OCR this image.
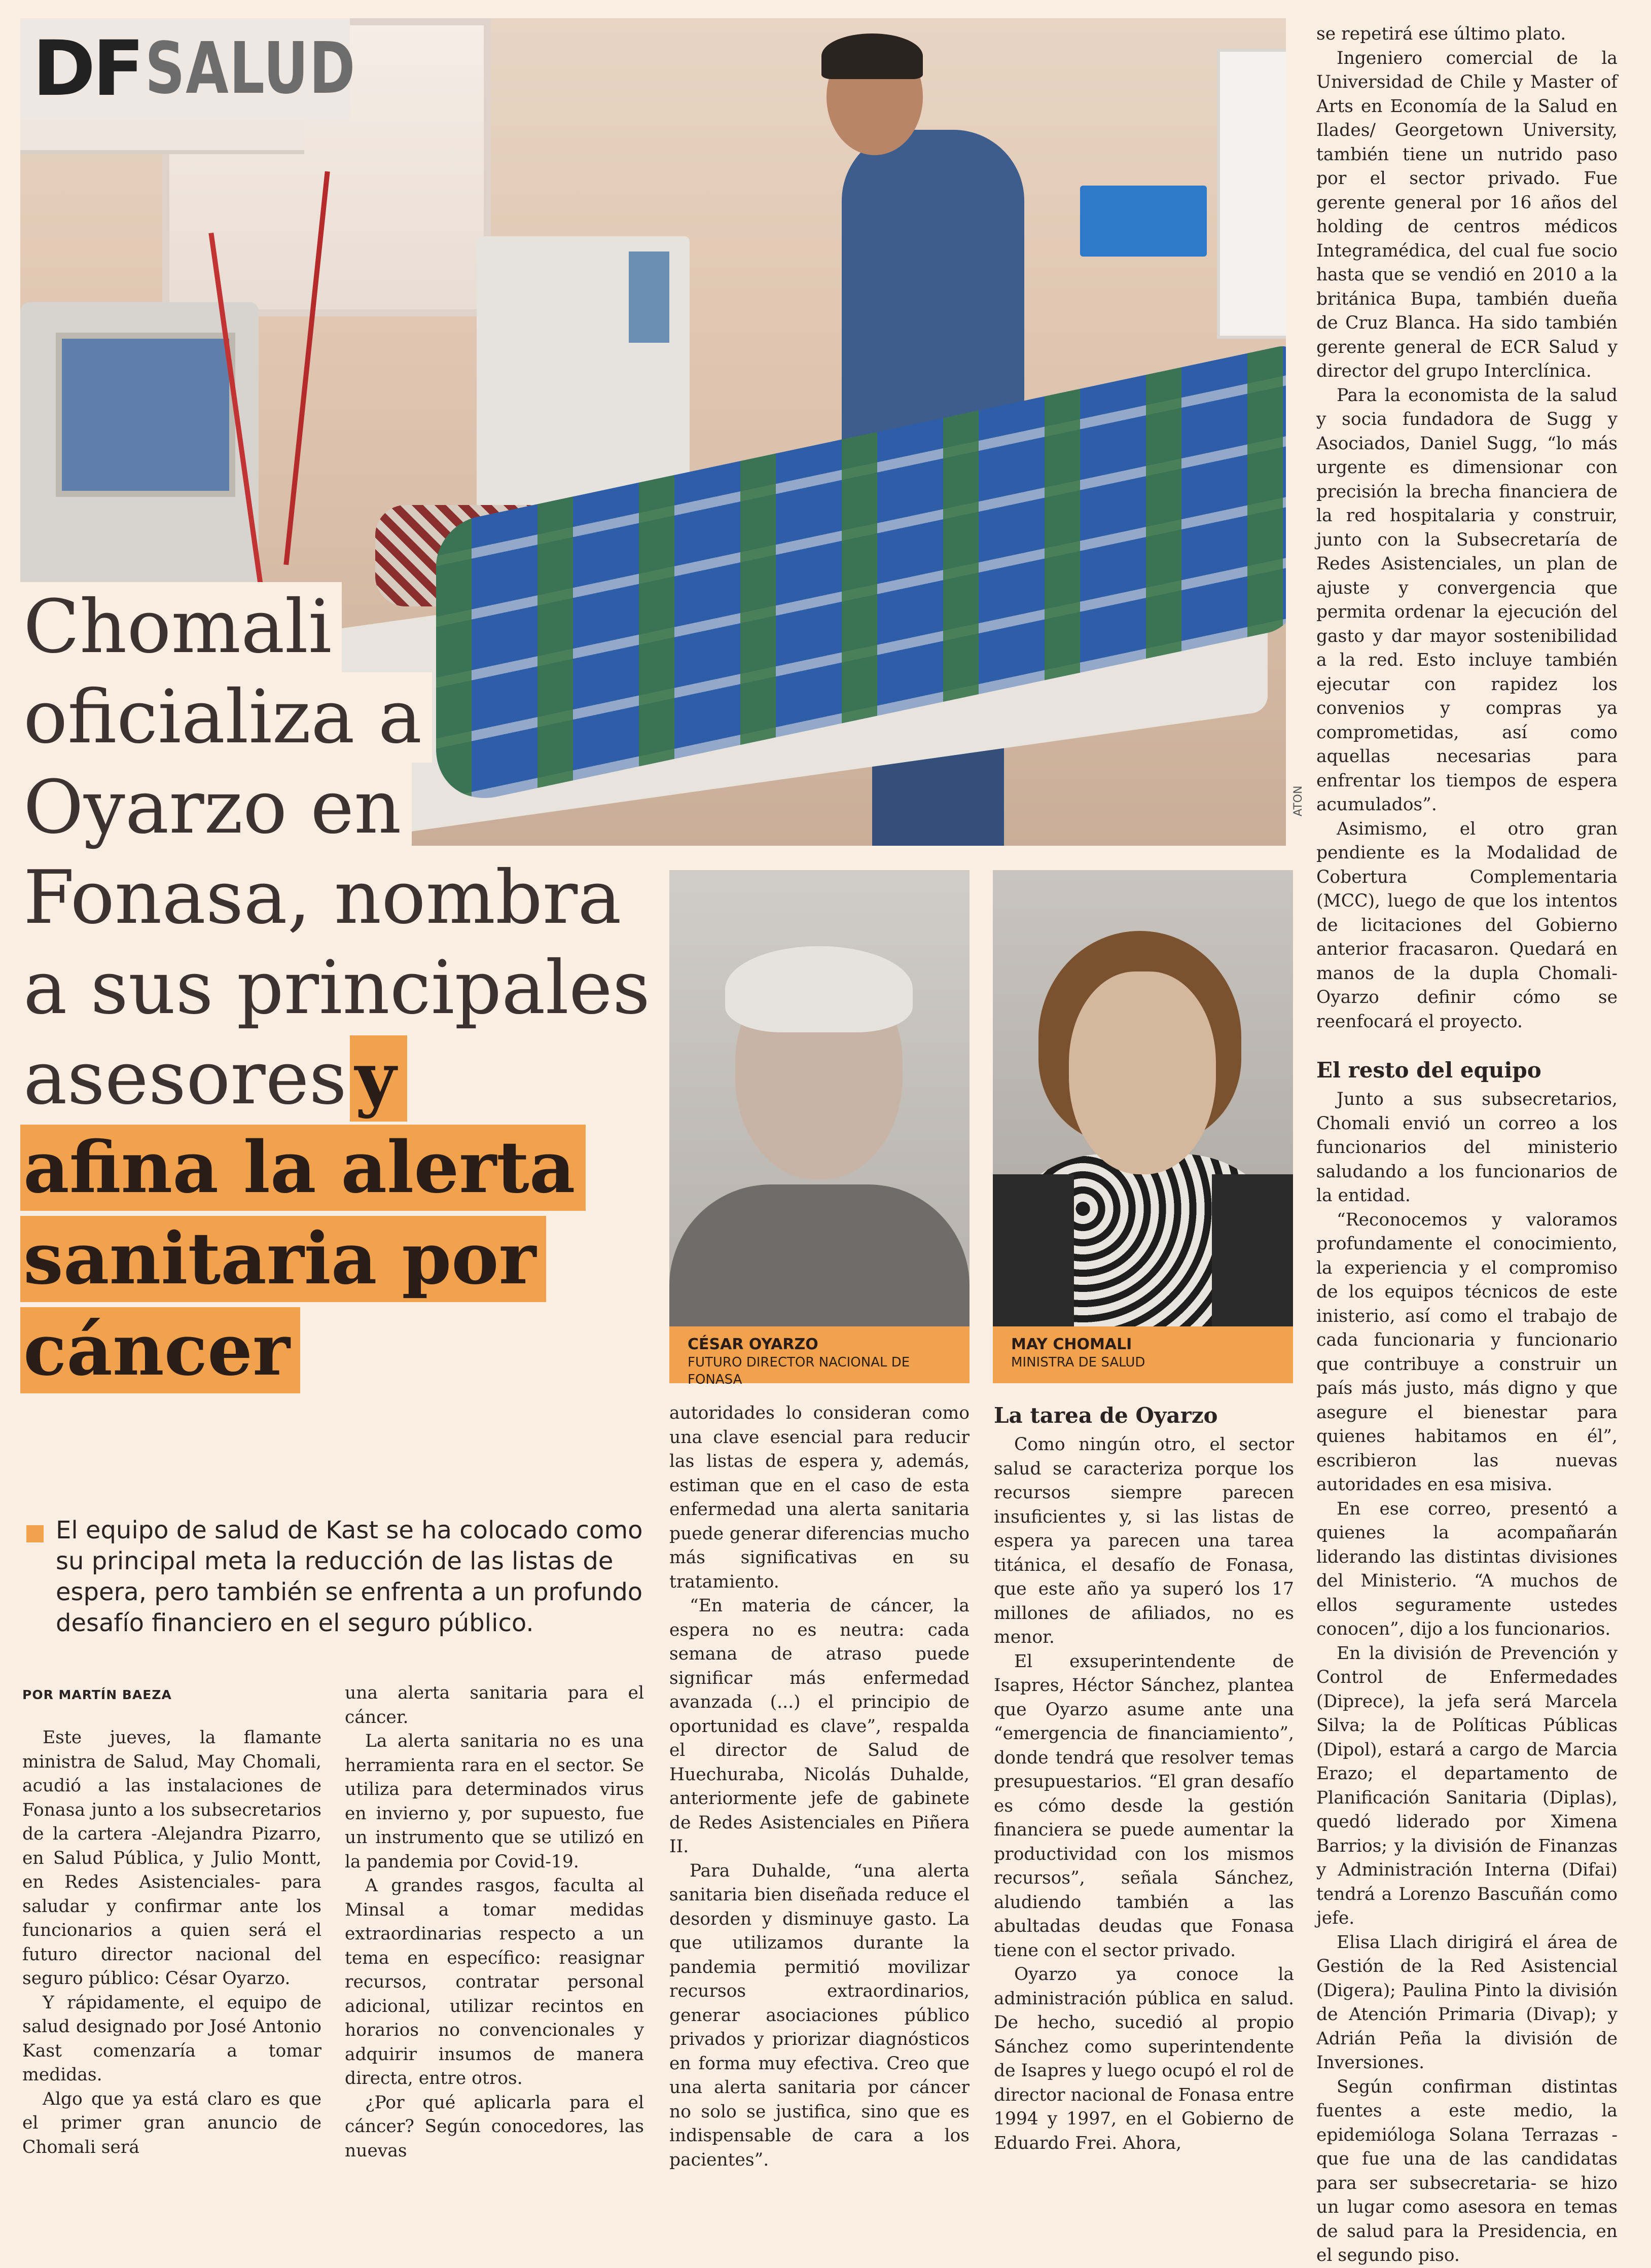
DF SALUD
ATON
Chomali
oficializa a
Oyarzo en
Fonasa, nombra
a sus principales
asesores y
afina la alerta
sanitaria por
cáncer	CÉSAR OYARZO
FUTURO DIRECTOR NACIONAL DE FONASA
MAY CHOMALI
MINISTRA DE SALUD
El equipo de salud de Kast se ha colocado como su principal meta la reducción de las listas de espera, pero también se enfrenta a un profundo desafío financiero en el seguro público.
POR MARTÍN BAEZA

Este jueves, la flamante ministra de Salud, May Chomali, acudió a las instalaciones de Fonasa junto a los subsecretarios de la cartera -Alejandra Pizarro, en Salud Pública, y Julio Montt, en Redes Asistenciales- para saludar y confirmar ante los funcionarios a quien será el futuro director nacional del seguro público: César Oyarzo.

Y rápidamente, el equipo de salud designado por José Antonio Kast comenzaría a tomar medidas.

Algo que ya está claro es que el primer gran anuncio de Chomali será

una alerta sanitaria para el cáncer.

La alerta sanitaria no es una herramienta rara en el sector. Se utiliza para determinados virus en invierno y, por supuesto, fue un instrumento que se utilizó en la pandemia por Covid-19.

A grandes rasgos, faculta al Minsal a tomar medidas extraordinarias respecto a un tema en específico: reasignar recursos, contratar personal adicional, utilizar recintos en horarios no convencionales y adquirir insumos de manera directa, entre otros.

¿Por qué aplicarla para el cáncer? Según conocedores, las nuevas

autoridades lo consideran como una clave esencial para reducir las listas de espera y, además, estiman que en el caso de esta enfermedad una alerta sanitaria puede generar diferencias mucho más significativas en su tratamiento.

“En materia de cáncer, la espera no es neutra: cada semana de atraso puede significar más enfermedad avanzada (...) el principio de oportunidad es clave”, respalda el director de Salud de Huechuraba, Nicolás Duhalde, anteriormente jefe de gabinete de Redes Asistenciales en Piñera II.

Para Duhalde, “una alerta sanitaria bien diseñada reduce el desorden y disminuye gasto. La que utilizamos durante la pandemia permitió movilizar recursos extraordinarios, generar asociaciones público privados y priorizar diagnósticos en forma muy efectiva. Creo que una alerta sanitaria por cáncer no solo se justifica, sino que es indispensable de cara a los pacientes”.

La tarea de Oyarzo

Como ningún otro, el sector salud se caracteriza porque los recursos siempre parecen insuficientes y, si las listas de espera ya parecen una tarea titánica, el desafío de Fonasa, que este año ya superó los 17 millones de afiliados, no es menor.

El exsuperintendente de Isapres, Héctor Sánchez, plantea que Oyarzo asume ante una “emergencia de financiamiento”, donde tendrá que resolver temas presupuestarios. “El gran desafío es cómo desde la gestión financiera se puede aumentar la productividad con los mismos recursos”, señala Sánchez, aludiendo también a las abultadas deudas que Fonasa tiene con el sector privado.

Oyarzo ya conoce la administración pública en salud. De hecho, sucedió al propio Sánchez como superintendente de Isapres y luego ocupó el rol de director nacional de Fonasa entre 1994 y 1997, en el Gobierno de Eduardo Frei. Ahora,

se repetirá ese último plato.

Ingeniero comercial de la Universidad de Chile y Master of Arts en Economía de la Salud en Ilades/ Georgetown University, también tiene un nutrido paso por el sector privado. Fue gerente general por 16 años del holding de centros médicos Integramédica, del cual fue socio hasta que se vendió en 2010 a la británica Bupa, también dueña de Cruz Blanca. Ha sido también gerente general de ECR Salud y director del grupo Interclínica.

Para la economista de la salud y socia fundadora de Sugg y Asociados, Daniel Sugg, “lo más urgente es dimensionar con precisión la brecha financiera de la red hospitalaria y construir, junto con la Subsecretaría de Redes Asistenciales, un plan de ajuste y convergencia que permita ordenar la ejecución del gasto y dar mayor sostenibilidad a la red. Esto incluye también ejecutar con rapidez los convenios y compras ya comprometidas, así como aquellas necesarias para enfrentar los tiempos de espera acumulados”.

Asimismo, el otro gran pendiente es la Modalidad de Cobertura Complementaria (MCC), luego de que los intentos de licitaciones del Gobierno anterior fracasaron. Quedará en manos de la dupla Chomali-Oyarzo definir cómo se reenfocará el proyecto.

El resto del equipo

Junto a sus subsecretarios, Chomali envió un correo a los funcionarios del ministerio saludando a los funcionarios de la entidad.

“Reconocemos y valoramos profundamente el conocimiento, la experiencia y el compromiso de los equipos técnicos de este inisterio, así como el trabajo de cada funcionaria y funcionario que contribuye a construir un país más justo, más digno y que asegure el bienestar para quienes habitamos en él”, escribieron las nuevas autoridades en esa misiva.

En ese correo, presentó a quienes la acompañarán liderando las distintas divisiones del Ministerio. “A muchos de ellos seguramente ustedes conocen”, dijo a los funcionarios.

En la división de Prevención y Control de Enfermedades (Diprece), la jefa será Marcela Silva; la de Políticas Públicas (Dipol), estará a cargo de Marcia Erazo; el departamento de Planificación Sanitaria (Diplas), quedó liderado por Ximena Barrios; y la división de Finanzas y Administración Interna (Difai) tendrá a Lorenzo Bascuñán como jefe.

Elisa Llach dirigirá el área de Gestión de la Red Asistencial (Digera); Paulina Pinto la división de Atención Primaria (Divap); y Adrián Peña la división de Inversiones.

Según confirman distintas fuentes a este medio, la epidemióloga Solana Terrazas -que fue una de las candidatas para ser subsecretaria- se hizo un lugar como asesora en temas de salud para la Presidencia, en el segundo piso.
